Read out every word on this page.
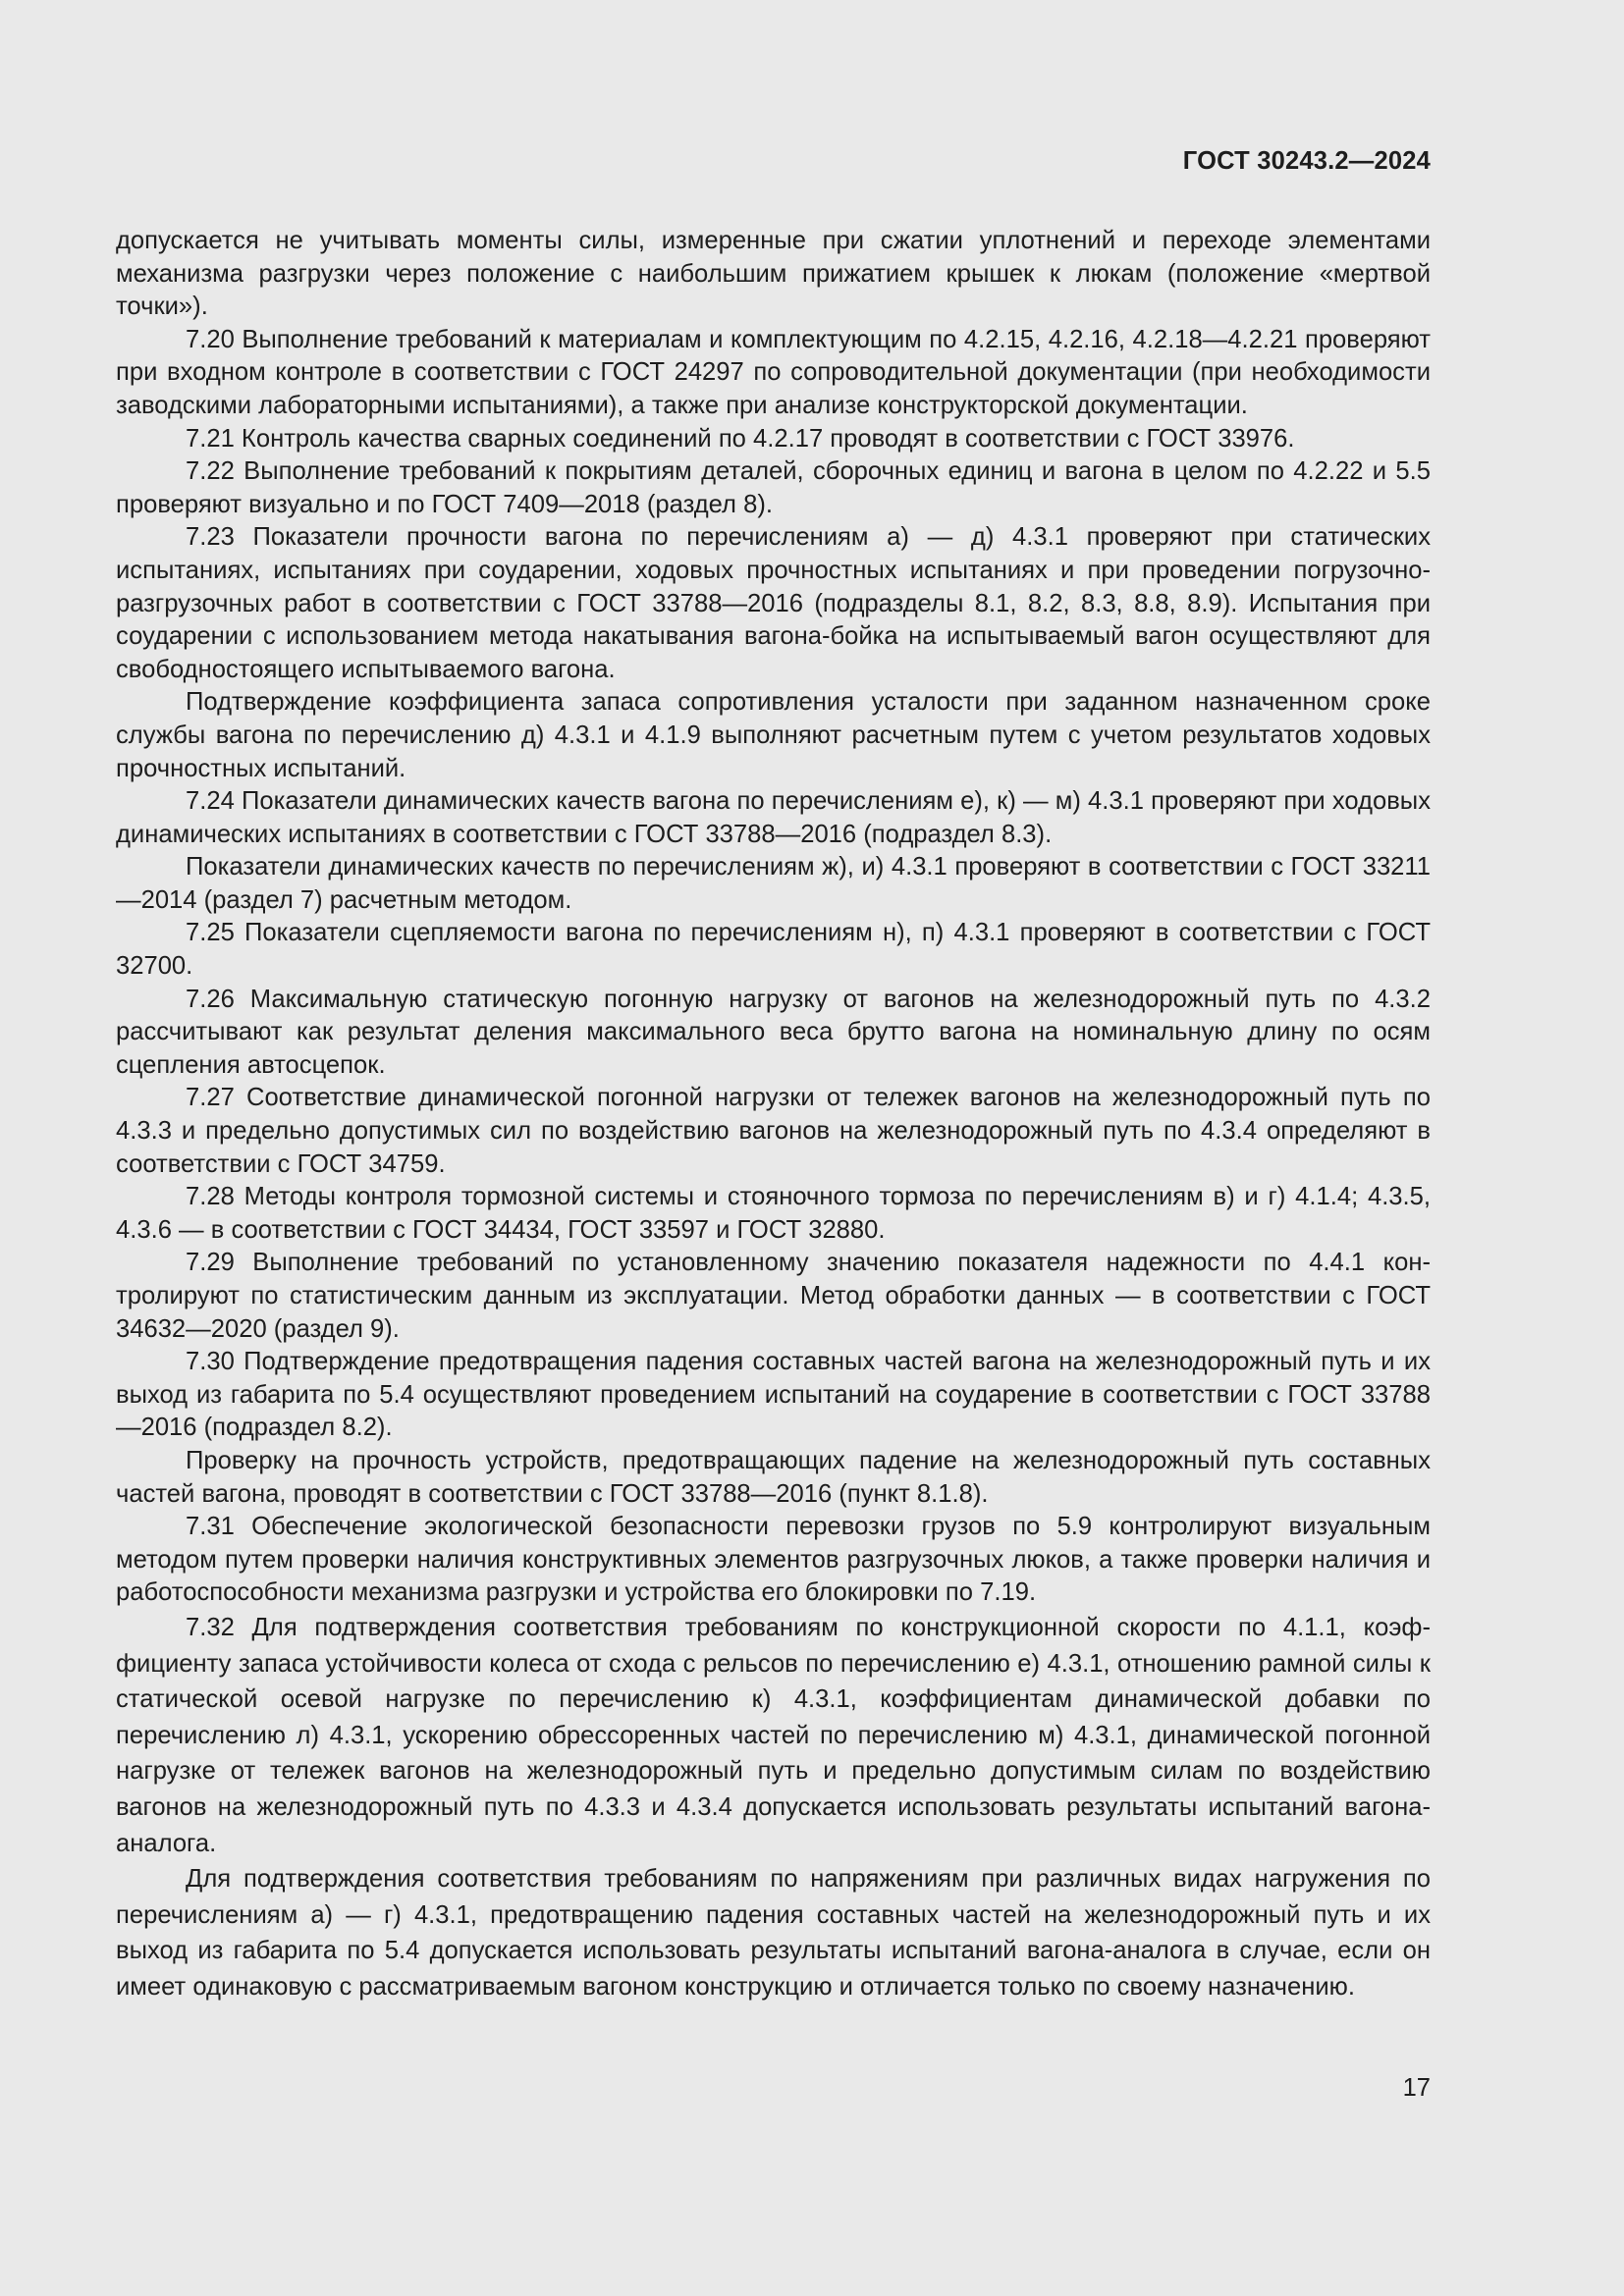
ГОСТ 30243.2—2024

допускается не учитывать моменты силы, измеренные при сжатии уплотнений и переходе элементами механизма разгрузки через положение с наибольшим прижатием крышек к люкам (положение «мертвой точки»).

7.20 Выполнение требований к материалам и комплектующим по 4.2.15, 4.2.16, 4.2.18—4.2.21 проверяют при входном контроле в соответствии с ГОСТ 24297 по сопроводительной документации (при необходимости заводскими лабораторными испытаниями), а также при анализе конструкторской документации.

7.21 Контроль качества сварных соединений по 4.2.17 проводят в соответствии с ГОСТ 33976.

7.22 Выполнение требований к покрытиям деталей, сборочных единиц и вагона в целом по 4.2.22 и 5.5 проверяют визуально и по ГОСТ 7409—2018 (раздел 8).

7.23 Показатели прочности вагона по перечислениям а) — д) 4.3.1 проверяют при статических испытаниях, испытаниях при соударении, ходовых прочностных испытаниях и при проведении погрузочно-разгрузочных работ в соответствии с ГОСТ 33788—2016 (подразделы 8.1, 8.2, 8.3, 8.8, 8.9). Испытания при соударении с использованием метода накатывания вагона-бойка на испытываемый вагон осуществляют для свободностоящего испытываемого вагона.

Подтверждение коэффициента запаса сопротивления усталости при заданном назначенном сроке службы вагона по перечислению д) 4.3.1 и 4.1.9 выполняют расчетным путем с учетом результатов ходовых прочностных испытаний.

7.24 Показатели динамических качеств вагона по перечислениям е), к) — м) 4.3.1 проверяют при ходовых динамических испытаниях в соответствии с ГОСТ 33788—2016 (подраздел 8.3).

Показатели динамических качеств по перечислениям ж), и) 4.3.1 проверяют в соответствии с ГОСТ 33211—2014 (раздел 7) расчетным методом.

7.25 Показатели сцепляемости вагона по перечислениям н), п) 4.3.1 проверяют в соответствии с ГОСТ 32700.

7.26 Максимальную статическую погонную нагрузку от вагонов на железнодорожный путь по 4.3.2 рассчитывают как результат деления максимального веса брутто вагона на номинальную длину по осям сцепления автосцепок.

7.27 Соответствие динамической погонной нагрузки от тележек вагонов на железнодорожный путь по 4.3.3 и предельно допустимых сил по воздействию вагонов на железнодорожный путь по 4.3.4 определяют в соответствии с ГОСТ 34759.

7.28 Методы контроля тормозной системы и стояночного тормоза по перечислениям в) и г) 4.1.4; 4.3.5, 4.3.6 — в соответствии с ГОСТ 34434, ГОСТ 33597 и ГОСТ 32880.

7.29 Выполнение требований по установленному значению показателя надежности по 4.4.1 контролируют по статистическим данным из эксплуатации. Метод обработки данных — в соответствии с ГОСТ 34632—2020 (раздел 9).

7.30 Подтверждение предотвращения падения составных частей вагона на железнодорожный путь и их выход из габарита по 5.4 осуществляют проведением испытаний на соударение в соответствии с ГОСТ 33788—2016 (подраздел 8.2).

Проверку на прочность устройств, предотвращающих падение на железнодорожный путь составных частей вагона, проводят в соответствии с ГОСТ 33788—2016 (пункт 8.1.8).

7.31 Обеспечение экологической безопасности перевозки грузов по 5.9 контролируют визуальным методом путем проверки наличия конструктивных элементов разгрузочных люков, а также проверки наличия и работоспособности механизма разгрузки и устройства его блокировки по 7.19.

7.32 Для подтверждения соответствия требованиям по конструкционной скорости по 4.1.1, коэффициенту запаса устойчивости колеса от схода с рельсов по перечислению е) 4.3.1, отношению рамной силы к статической осевой нагрузке по перечислению к) 4.3.1, коэффициентам динамической добавки по перечислению л) 4.3.1, ускорению обрессоренных частей по перечислению м) 4.3.1, динамической погонной нагрузке от тележек вагонов на железнодорожный путь и предельно допустимым силам по воздействию вагонов на железнодорожный путь по 4.3.3 и 4.3.4 допускается использовать результаты испытаний вагона-аналога.

Для подтверждения соответствия требованиям по напряжениям при различных видах нагружения по перечислениям а) — г) 4.3.1, предотвращению падения составных частей на железнодорожный путь и их выход из габарита по 5.4 допускается использовать результаты испытаний вагона-аналога в случае, если он имеет одинаковую с рассматриваемым вагоном конструкцию и отличается только по своему назначению.

17
